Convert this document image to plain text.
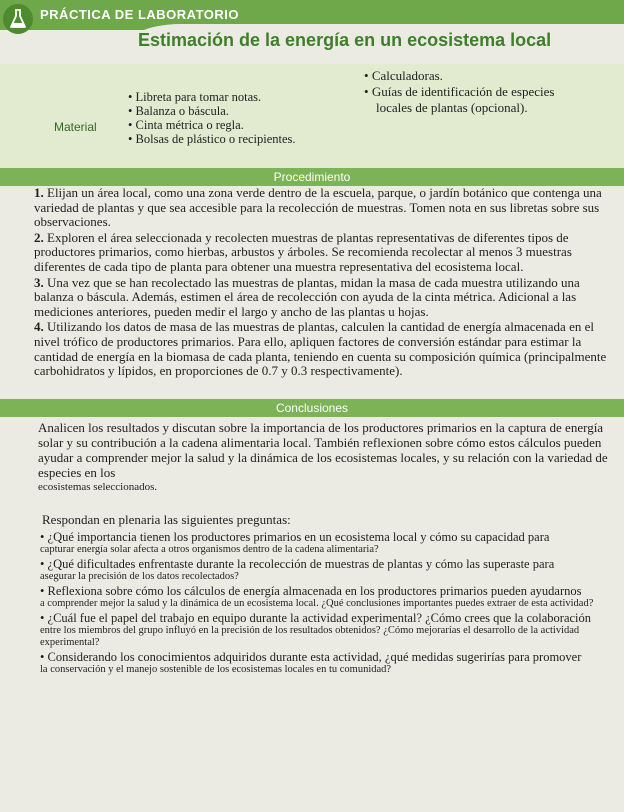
PRÁCTICA DE LABORATORIO
Estimación de la energía en un ecosistema local
Material
• Libreta para tomar notas.
• Balanza o báscula.
• Cinta métrica o regla.
• Bolsas de plástico o recipientes.
• Calculadoras.
• Guías de identificación de especies
locales de plantas (opcional).
Procedimiento

1. Elijan un área local, como una zona verde dentro de la escuela, parque, o jardín botánico que contenga una variedad de plantas y que sea accesible para la recolección de muestras. Tomen nota en sus libretas sobre sus observaciones.

2. Exploren el área seleccionada y recolecten muestras de plantas representativas de diferentes tipos de productores primarios, como hierbas, arbustos y árboles. Se recomienda recolectar al menos 3 muestras diferentes de cada tipo de planta para obtener una muestra representativa del ecosistema local.

3. Una vez que se han recolectado las muestras de plantas, midan la masa de cada muestra utilizando una balanza o báscula. Además, estimen el área de recolección con ayuda de la cinta métrica. Adicional a las mediciones anteriores, pueden medir el largo y ancho de las plantas u hojas.

4. Utilizando los datos de masa de las muestras de plantas, calculen la cantidad de energía almacenada en el nivel trófico de productores primarios. Para ello, apliquen factores de conversión estándar para estimar la cantidad de energía en la biomasa de cada planta, teniendo en cuenta su composición química (principalmente carbohidratos y lípidos, en proporciones de 0.7 y 0.3 respectivamente).

Conclusiones

Analicen los resultados y discutan sobre la importancia de los productores primarios en la captura de energía solar y su contribución a la cadena alimentaria local. También reflexionen sobre cómo estos cálculos pueden ayudar a comprender mejor la salud y la dinámica de los ecosistemas locales, y su relación con la variedad de especies en los

ecosistemas seleccionados.

Respondan en plenaria las siguientes preguntas:
• ¿Qué importancia tienen los productores primarios en un ecosistema local y cómo su capacidad para
capturar energía solar afecta a otros organismos dentro de la cadena alimentaria?
• ¿Qué dificultades enfrentaste durante la recolección de muestras de plantas y cómo las superaste para
asegurar la precisión de los datos recolectados?
• Reflexiona sobre cómo los cálculos de energía almacenada en los productores primarios pueden ayudarnos
a comprender mejor la salud y la dinámica de un ecosistema local. ¿Qué conclusiones importantes puedes extraer de esta actividad?
• ¿Cuál fue el papel del trabajo en equipo durante la actividad experimental? ¿Cómo crees que la colaboración
entre los miembros del grupo influyó en la precisión de los resultados obtenidos? ¿Cómo mejorarías el desarrollo de la actividad experimental?
• Considerando los conocimientos adquiridos durante esta actividad, ¿qué medidas sugerirías para promover
la conservación y el manejo sostenible de los ecosistemas locales en tu comunidad?
